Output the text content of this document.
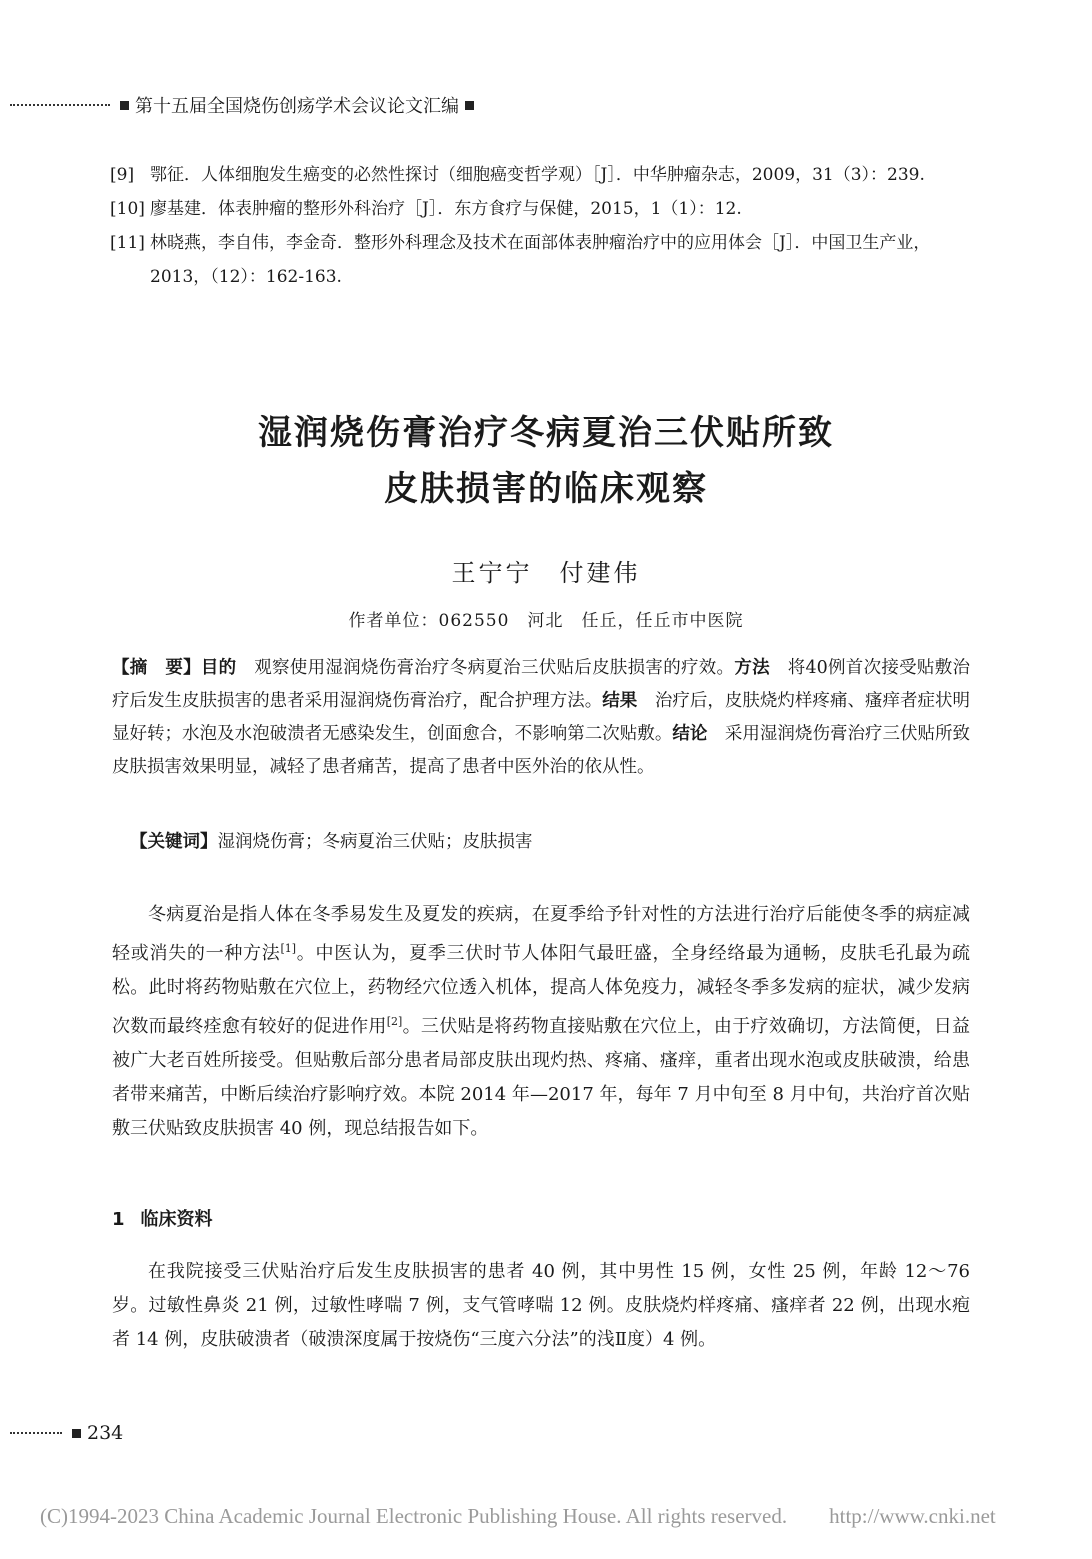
第十五届全国烧伤创疡学术会议论文汇编
[9] 鄂征．人体细胞发生癌变的必然性探讨（细胞癌变哲学观）［J］．中华肿瘤杂志，2009，31（3）：239.
[10] 廖基建．体表肿瘤的整形外科治疗［J］．东方食疗与保健，2015，1（1）：12.
[11] 林晓燕，李自伟，李金奇．整形外科理念及技术在面部体表肿瘤治疗中的应用体会［J］．中国卫生产业，2013，（12）：162-163.
湿润烧伤膏治疗冬病夏治三伏贴所致
皮肤损害的临床观察
王宁宁　付建伟
作者单位：062550　河北　任丘，任丘市中医院
【摘　要】目的　 观察使用湿润烧伤膏治疗冬病夏治三伏贴后皮肤损害的疗效。方法　 将40例首次接受贴敷治疗后发生皮肤损害的患者采用湿润烧伤膏治疗，配合护理方法。结果　 治疗后，皮肤烧灼样疼痛、瘙痒者症状明显好转；水泡及水泡破溃者无感染发生，创面愈合，不影响第二次贴敷。结论　 采用湿润烧伤膏治疗三伏贴所致皮肤损害效果明显，减轻了患者痛苦，提高了患者中医外治的依从性。
【关键词】湿润烧伤膏；冬病夏治三伏贴；皮肤损害

冬病夏治是指人体在冬季易发生及夏发的疾病，在夏季给予针对性的方法进行治疗后能使冬季的病症减轻或消失的一种方法[1]。中医认为，夏季三伏时节人体阳气最旺盛，全身经络最为通畅，皮肤毛孔最为疏松。此时将药物贴敷在穴位上，药物经穴位透入机体，提高人体免疫力，减轻冬季多发病的症状，减少发病次数而最终痊愈有较好的促进作用[2]。三伏贴是将药物直接贴敷在穴位上，由于疗效确切，方法简便，日益被广大老百姓所接受。但贴敷后部分患者局部皮肤出现灼热、疼痛、瘙痒，重者出现水泡或皮肤破溃，给患者带来痛苦，中断后续治疗影响疗效。本院 2014 年—2017 年，每年 7 月中旬至 8 月中旬，共治疗首次贴敷三伏贴致皮肤损害 40 例，现总结报告如下。

1 临床资料

在我院接受三伏贴治疗后发生皮肤损害的患者 40 例，其中男性 15 例，女性 25 例，年龄 12～76 岁。过敏性鼻炎 21 例，过敏性哮喘 7 例，支气管哮喘 12 例。皮肤烧灼样疼痛、瘙痒者 22 例，出现水疱者 14 例，皮肤破溃者（破溃深度属于按烧伤“三度六分法”的浅Ⅱ度）4 例。

234
(C)1994-2023 China Academic Journal Electronic Publishing House. All rights reserved.　　http://www.cnki.net
